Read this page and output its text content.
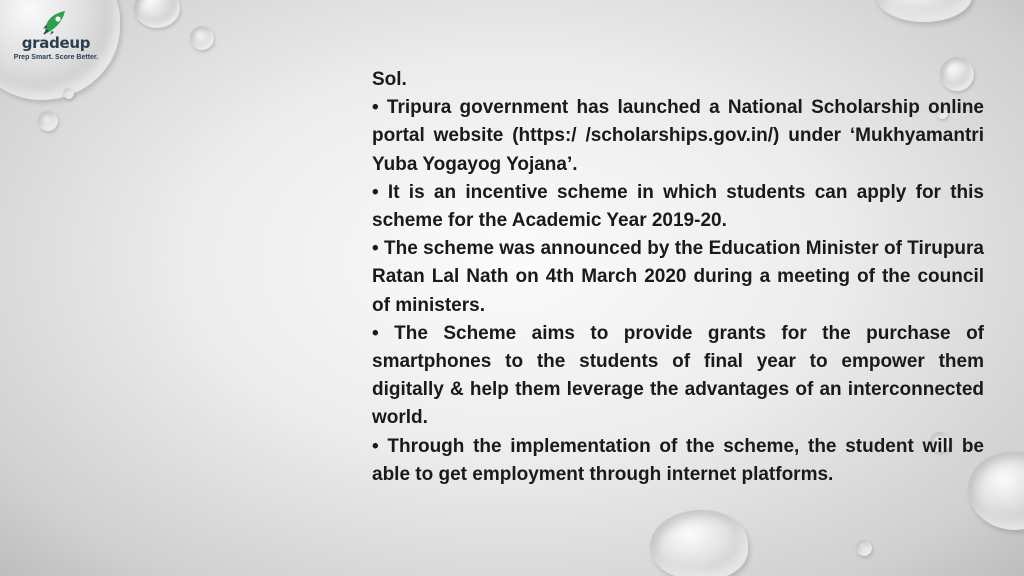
gradeup
Prep Smart. Score Better.
Sol.

• Tripura government has launched a National Scholarship online portal website (https:/ /scholarships.gov.in/) under ‘Mukhyamantri Yuba Yogayog Yojana’.

• It is an incentive scheme in which students can apply for this scheme for the Academic Year 2019-20.

• The scheme was announced by the Education Minister of Tirupura Ratan Lal Nath on 4th March 2020 during a meeting of the council of ministers.

• The Scheme aims to provide grants for the purchase of smartphones to the students of final year to empower them digitally & help them leverage the advantages of an interconnected world.

• Through the implementation of the scheme, the student will be able to get employment through internet platforms.
